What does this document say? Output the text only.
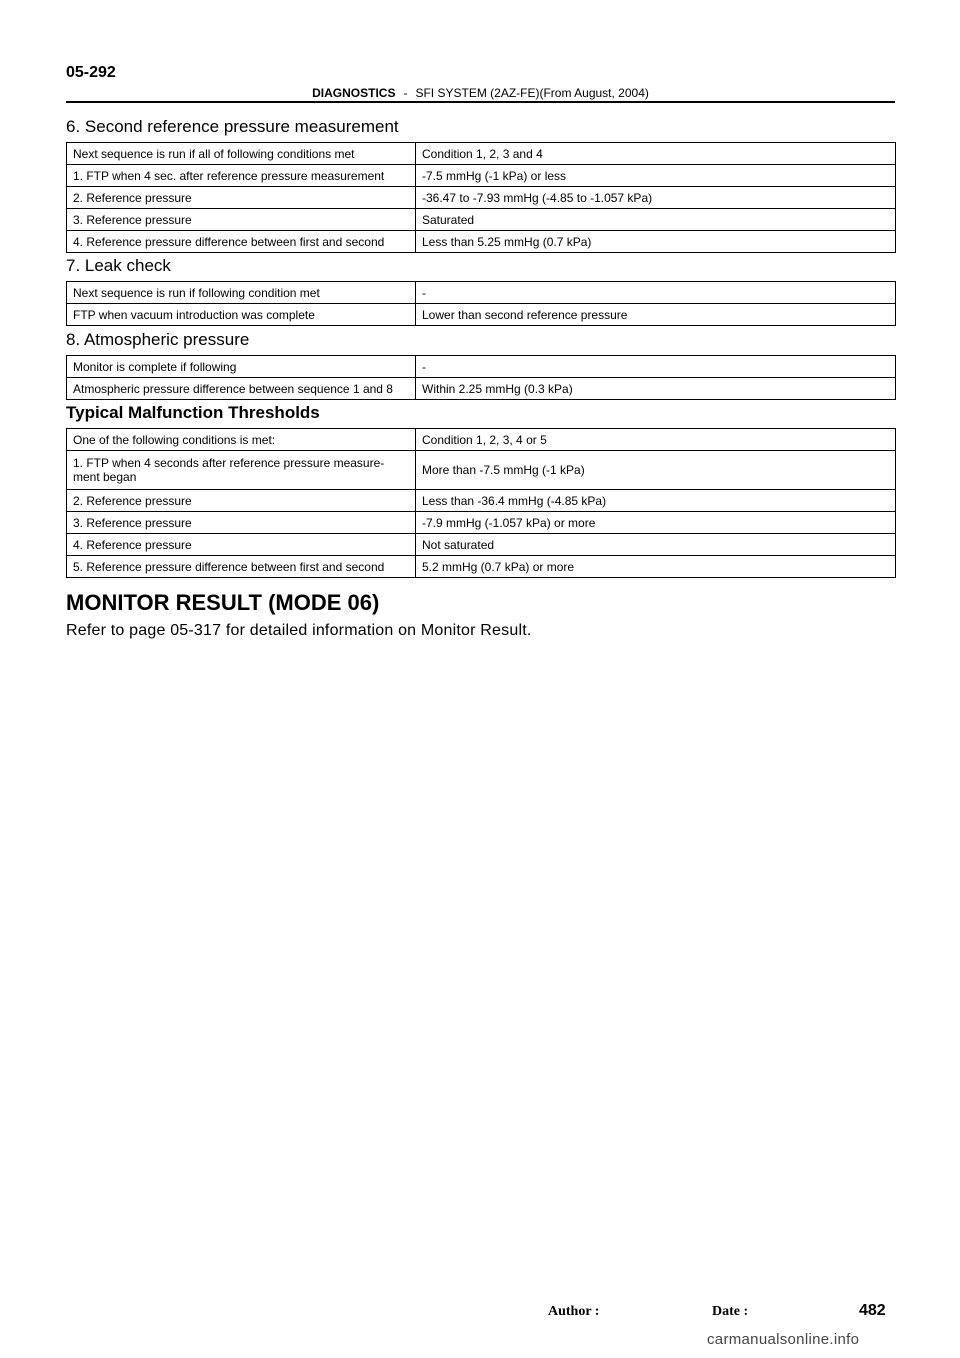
05-292
DIAGNOSTICS - SFI SYSTEM (2AZ-FE)(From August, 2004)
6. Second reference pressure measurement
Next sequence is run if all of following conditions met	Condition 1, 2, 3 and 4
1. FTP when 4 sec. after reference pressure measurement	-7.5 mmHg (-1 kPa) or less
2. Reference pressure	-36.47 to -7.93 mmHg (-4.85 to -1.057 kPa)
3. Reference pressure	Saturated
4. Reference pressure difference between first and second	Less than 5.25 mmHg (0.7 kPa)
7. Leak check
Next sequence is run if following condition met	-
FTP when vacuum introduction was complete	Lower than second reference pressure
8. Atmospheric pressure
Monitor is complete if following	-
Atmospheric pressure difference between sequence 1 and 8	Within 2.25 mmHg (0.3 kPa)
Typical Malfunction Thresholds
One of the following conditions is met:	Condition 1, 2, 3, 4 or 5
1. FTP when 4 seconds after reference pressure measure-
ment began	More than -7.5 mmHg (-1 kPa)
2. Reference pressure	Less than -36.4 mmHg (-4.85 kPa)
3. Reference pressure	-7.9 mmHg (-1.057 kPa) or more
4. Reference pressure	Not saturated
5. Reference pressure difference between first and second	5.2 mmHg (0.7 kPa) or more
MONITOR RESULT (MODE 06)
Refer to page 05-317 for detailed information on Monitor Result.
Author :	Date :	482
carmanualsonline.info
